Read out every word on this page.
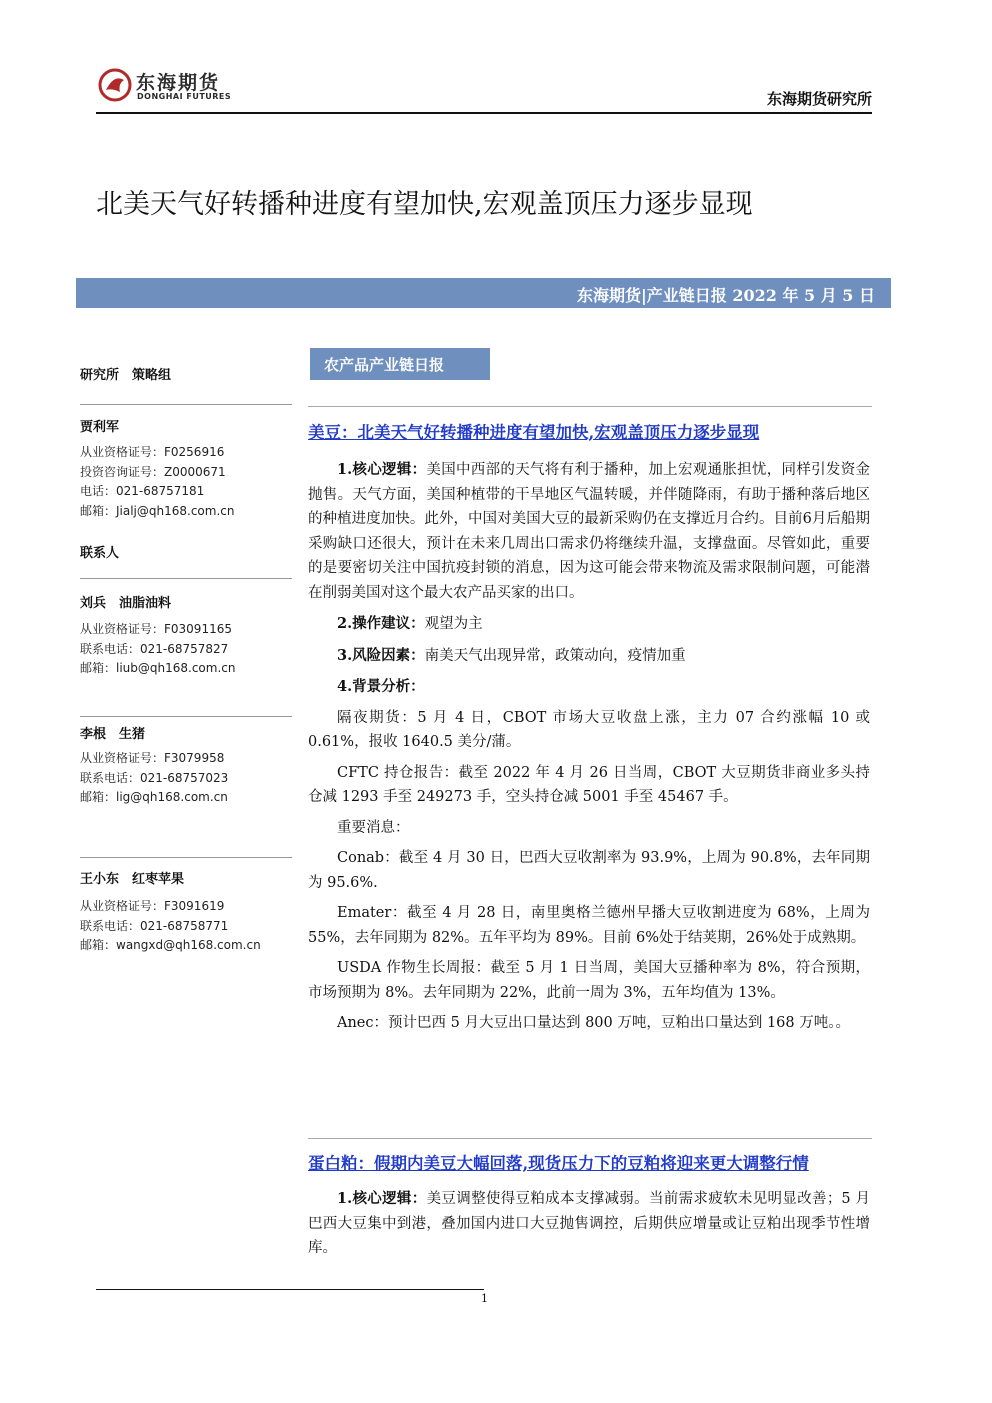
东海期货
DONGHAI FUTURES	东海期货研究所
北美天气好转播种进度有望加快,宏观盖顶压力逐步显现
东海期货|产业链日报 2022 年 5 月 5 日
研究所　策略组
贾利军
从业资格证号：F0256916
投资咨询证号：Z0000671
电话：021-68757181
邮箱：Jialj@qh168.com.cn
联系人
刘兵　油脂油料
从业资格证号：F03091165
联系电话：021-68757827
邮箱：liub@qh168.com.cn
李根　生猪
从业资格证号：F3079958
联系电话：021-68757023
邮箱：lig@qh168.com.cn
王小东　红枣苹果
从业资格证号：F3091619
联系电话：021-68758771
邮箱：wangxd@qh168.com.cn
农产品产业链日报
美豆：北美天气好转播种进度有望加快,宏观盖顶压力逐步显现

1.核心逻辑：美国中西部的天气将有利于播种，加上宏观通胀担忧，同样引发资金抛售。天气方面，美国种植带的干旱地区气温转暖，并伴随降雨，有助于播种落后地区的种植进度加快。此外，中国对美国大豆的最新采购仍在支撑近月合约。目前6月后船期采购缺口还很大，预计在未来几周出口需求仍将继续升温，支撑盘面。尽管如此，重要的是要密切关注中国抗疫封锁的消息，因为这可能会带来物流及需求限制问题，可能潜在削弱美国对这个最大农产品买家的出口。

2.操作建议：观望为主

3.风险因素：南美天气出现异常，政策动向，疫情加重

4.背景分析：

隔夜期货：5 月 4 日，CBOT 市场大豆收盘上涨，主力 07 合约涨幅 10 或 0.61%，报收 1640.5 美分/蒲。

CFTC 持仓报告：截至 2022 年 4 月 26 日当周，CBOT 大豆期货非商业多头持仓减 1293 手至 249273 手，空头持仓减 5001 手至 45467 手。

重要消息：

Conab：截至 4 月 30 日，巴西大豆收割率为 93.9%，上周为 90.8%，去年同期为 95.6%.

Emater：截至 4 月 28 日，南里奥格兰德州早播大豆收割进度为 68%，上周为 55%，去年同期为 82%。五年平均为 89%。目前 6%处于结荚期，26%处于成熟期。

USDA 作物生长周报：截至 5 月 1 日当周，美国大豆播种率为 8%，符合预期，市场预期为 8%。去年同期为 22%，此前一周为 3%，五年均值为 13%。

Anec：预计巴西 5 月大豆出口量达到 800 万吨，豆粕出口量达到 168 万吨。。

蛋白粕：假期内美豆大幅回落,现货压力下的豆粕将迎来更大调整行情

1.核心逻辑：美豆调整使得豆粕成本支撑减弱。当前需求疲软未见明显改善；5 月巴西大豆集中到港，叠加国内进口大豆抛售调控，后期供应增量或让豆粕出现季节性增库。

1
